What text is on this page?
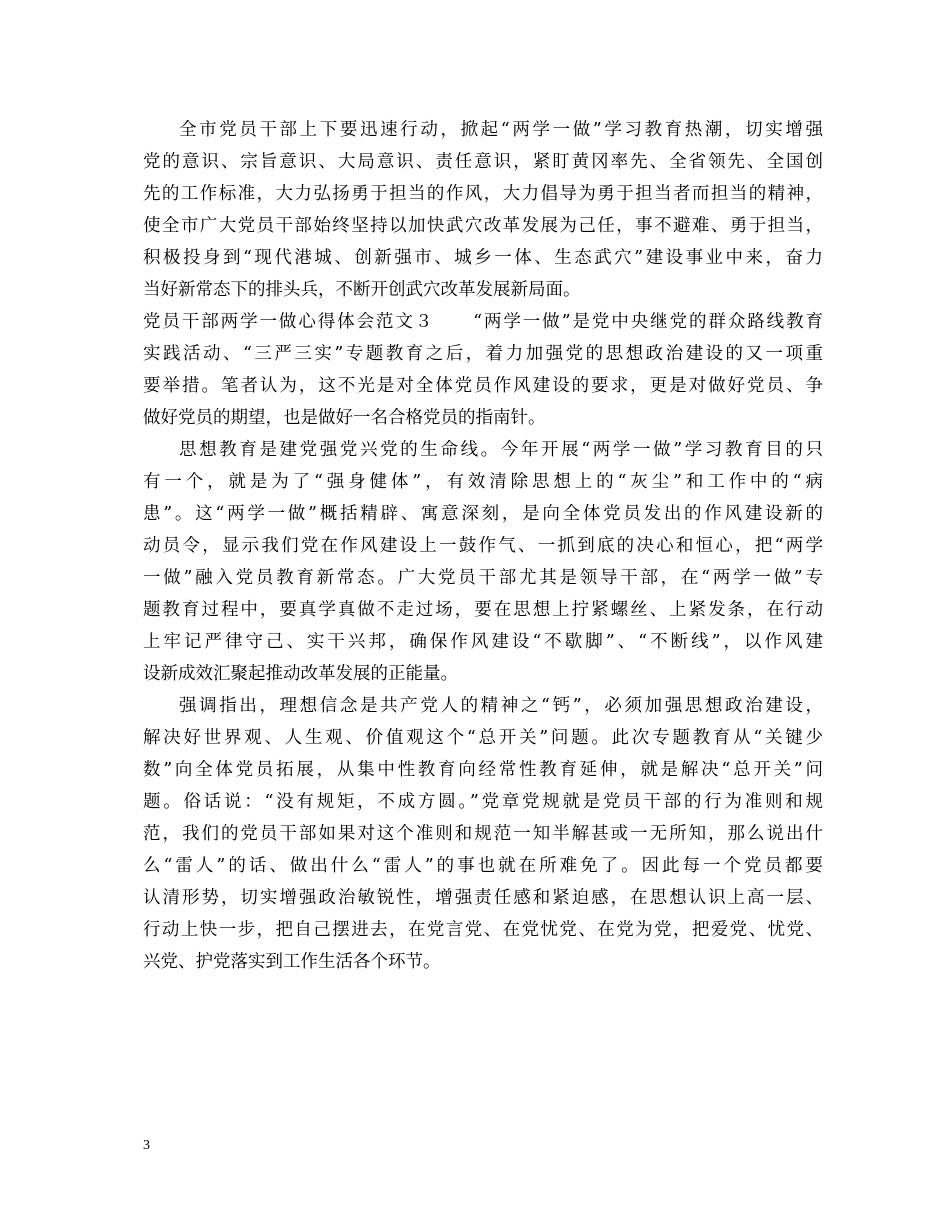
全市党员干部上下要迅速行动，掀起“两学一做”学习教育热潮，切实增强
党的意识、宗旨意识、大局意识、责任意识，紧盯黄冈率先、全省领先、全国创
先的工作标准，大力弘扬勇于担当的作风，大力倡导为勇于担当者而担当的精神，
使全市广大党员干部始终坚持以加快武穴改革发展为己任，事不避难、勇于担当，
积极投身到“现代港城、创新强市、城乡一体、生态武穴”建设事业中来，奋力
当好新常态下的排头兵，不断开创武穴改革发展新局面。
党员干部两学一做心得体会范文３　　“两学一做”是党中央继党的群众路线教育
实践活动、“三严三实”专题教育之后，着力加强党的思想政治建设的又一项重
要举措。笔者认为，这不光是对全体党员作风建设的要求，更是对做好党员、争
做好党员的期望，也是做好一名合格党员的指南针。
思想教育是建党强党兴党的生命线。今年开展“两学一做”学习教育目的只
有一个，就是为了“强身健体”，有效清除思想上的“灰尘”和工作中的“病
患”。这“两学一做”概括精辟、寓意深刻，是向全体党员发出的作风建设新的
动员令，显示我们党在作风建设上一鼓作气、一抓到底的决心和恒心，把“两学
一做”融入党员教育新常态。广大党员干部尤其是领导干部，在“两学一做”专
题教育过程中，要真学真做不走过场，要在思想上拧紧螺丝、上紧发条，在行动
上牢记严律守己、实干兴邦，确保作风建设“不歇脚”、“不断线”，以作风建
设新成效汇聚起推动改革发展的正能量。
强调指出，理想信念是共产党人的精神之“钙”，必须加强思想政治建设，
解决好世界观、人生观、价值观这个“总开关”问题。此次专题教育从“关键少
数”向全体党员拓展，从集中性教育向经常性教育延伸，就是解决“总开关”问
题。俗话说：“没有规矩，不成方圆。”党章党规就是党员干部的行为准则和规
范，我们的党员干部如果对这个准则和规范一知半解甚或一无所知，那么说出什
么“雷人”的话、做出什么“雷人”的事也就在所难免了。因此每一个党员都要
认清形势，切实增强政治敏锐性，增强责任感和紧迫感，在思想认识上高一层、
行动上快一步，把自己摆进去，在党言党、在党忧党、在党为党，把爱党、忧党、
兴党、护党落实到工作生活各个环节。
3
